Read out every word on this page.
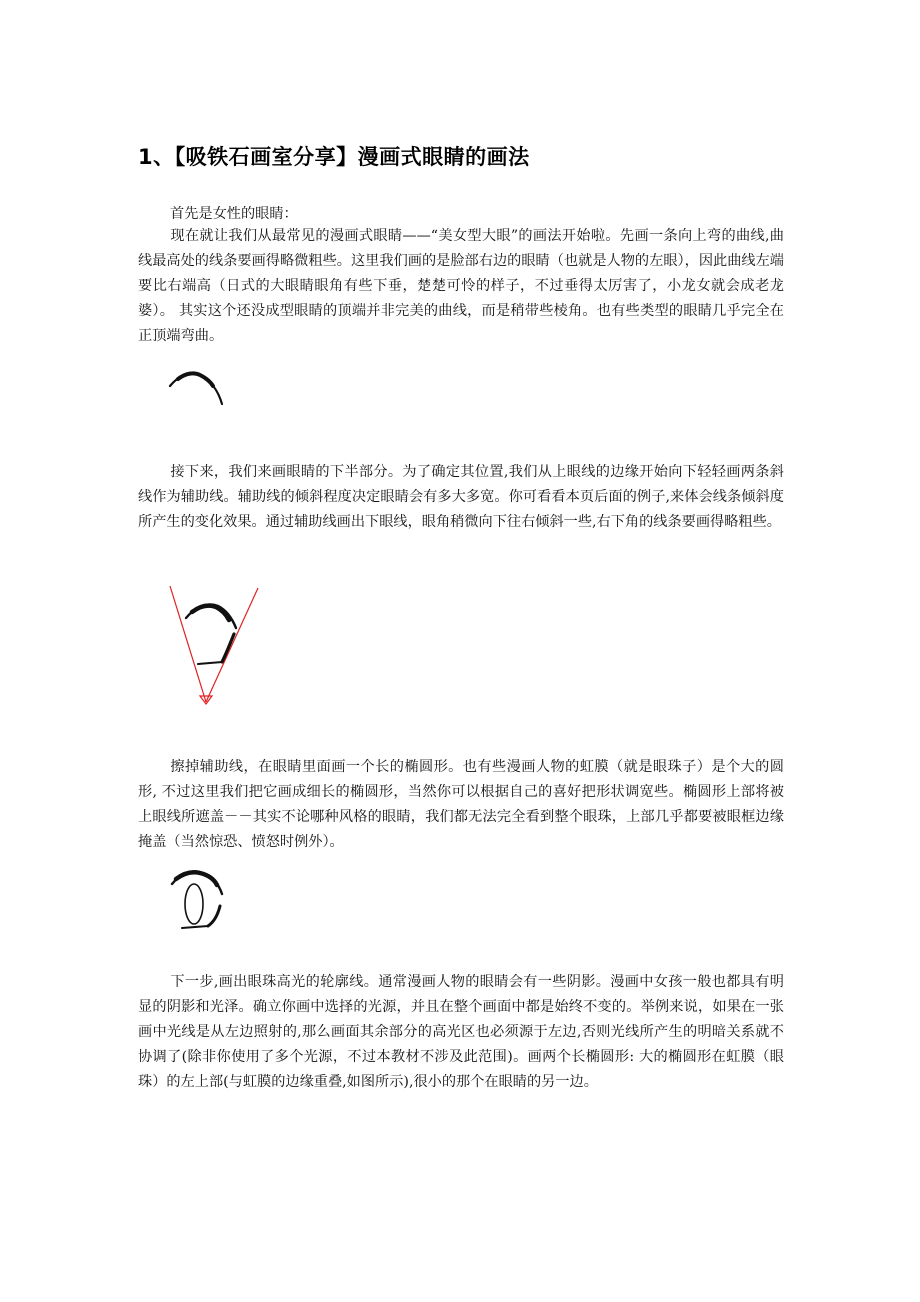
1、【吸铁石画室分享】漫画式眼睛的画法

首先是女性的眼睛：

现在就让我们从最常见的漫画式眼睛——“美女型大眼”的画法开始啦。先画一条向上弯的曲线,曲线最高处的线条要画得略微粗些。这里我们画的是脸部右边的眼睛（也就是人物的左眼），因此曲线左端要比右端高（日式的大眼睛眼角有些下垂，楚楚可怜的样子，不过垂得太厉害了，小龙女就会成老龙婆）。 其实这个还没成型眼睛的顶端并非完美的曲线，而是稍带些棱角。也有些类型的眼睛几乎完全在正顶端弯曲。

接下来，我们来画眼睛的下半部分。为了确定其位置,我们从上眼线的边缘开始向下轻轻画两条斜线作为辅助线。辅助线的倾斜程度决定眼睛会有多大多宽。你可看看本页后面的例子,来体会线条倾斜度所产生的变化效果。通过辅助线画出下眼线，眼角稍微向下往右倾斜一些,右下角的线条要画得略粗些。

擦掉辅助线，在眼睛里面画一个长的椭圆形。也有些漫画人物的虹膜（就是眼珠子）是个大的圆形, 不过这里我们把它画成细长的椭圆形，当然你可以根据自己的喜好把形状调宽些。椭圆形上部将被上眼线所遮盖－－其实不论哪种风格的眼睛，我们都无法完全看到整个眼珠，上部几乎都要被眼框边缘掩盖（当然惊恐、愤怒时例外）。

下一步,画出眼珠高光的轮廓线。通常漫画人物的眼睛会有一些阴影。漫画中女孩一般也都具有明显的阴影和光泽。确立你画中选择的光源，并且在整个画面中都是始终不变的。举例来说，如果在一张画中光线是从左边照射的,那么画面其余部分的高光区也必须源于左边,否则光线所产生的明暗关系就不协调了(除非你使用了多个光源，不过本教材不涉及此范围)。画两个长椭圆形: 大的椭圆形在虹膜（眼珠）的左上部(与虹膜的边缘重叠,如图所示),很小的那个在眼睛的另一边。
